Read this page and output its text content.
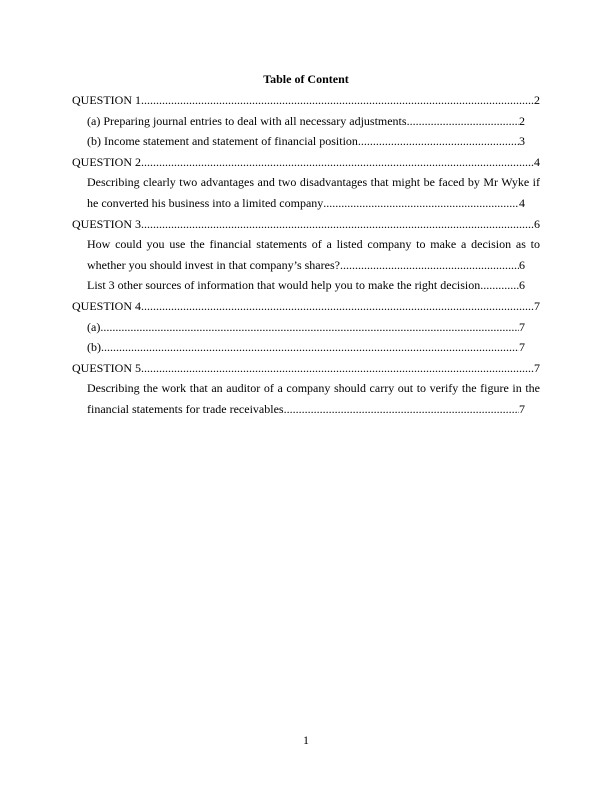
Table of Content
QUESTION 1 .....	2
(a) Preparing journal entries to deal with all necessary adjustments .....	2
(b) Income statement and statement of financial position .....	3
QUESTION 2 .....	4
Describing clearly two advantages and two disadvantages that might be faced by Mr Wyke if
he converted his business into a limited company .....	4
QUESTION 3 .....	6
How could you use the financial statements of a listed company to make a decision as to
whether you should invest in that company’s shares? .....	6
List 3 other sources of information that would help you to make the right decision .....	6
QUESTION 4 .....	7
(a) .....	7
(b) .....	7
QUESTION 5 .....	7
Describing the work that an auditor of a company should carry out to verify the figure in the
financial statements for trade receivables .....	7
1
